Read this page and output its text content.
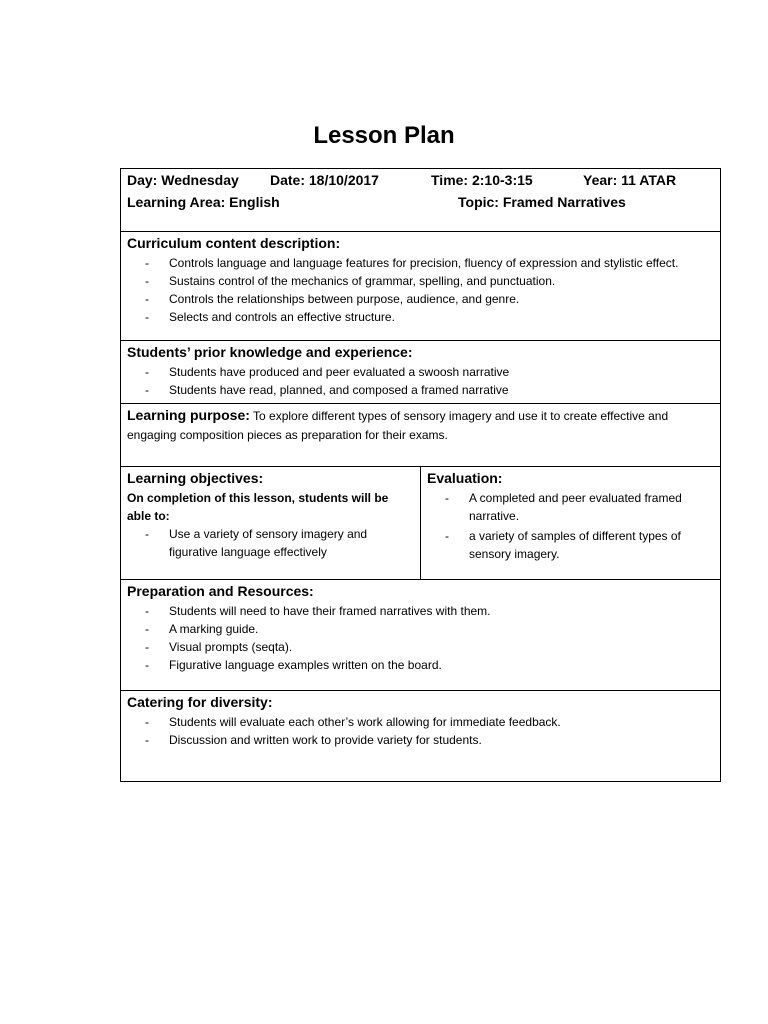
Lesson Plan
Day: Wednesday Date: 18/10/2017	Time: 2:10-3:15	Year: 11 ATAR
Learning Area: English	Topic: Framed Narratives

Curriculum content description:
- Controls language and language features for precision, fluency of expression and stylistic effect.
- Sustains control of the mechanics of grammar, spelling, and punctuation.
- Controls the relationships between purpose, audience, and genre.
- Selects and controls an effective structure.

Students’ prior knowledge and experience:
- Students have produced and peer evaluated a swoosh narrative
- Students have read, planned, and composed a framed narrative

Learning purpose: To explore different types of sensory imagery and use it to create effective and engaging composition pieces as preparation for their exams.

Learning objectives:
On completion of this lesson, students will be able to:
- Use a variety of sensory imagery and figurative language effectively

Evaluation:
- A completed and peer evaluated framed narrative.
- a variety of samples of different types of sensory imagery.

Preparation and Resources:
- Students will need to have their framed narratives with them.
- A marking guide.
- Visual prompts (seqta).
- Figurative language examples written on the board.

Catering for diversity:
- Students will evaluate each other’s work allowing for immediate feedback.
- Discussion and written work to provide variety for students.
